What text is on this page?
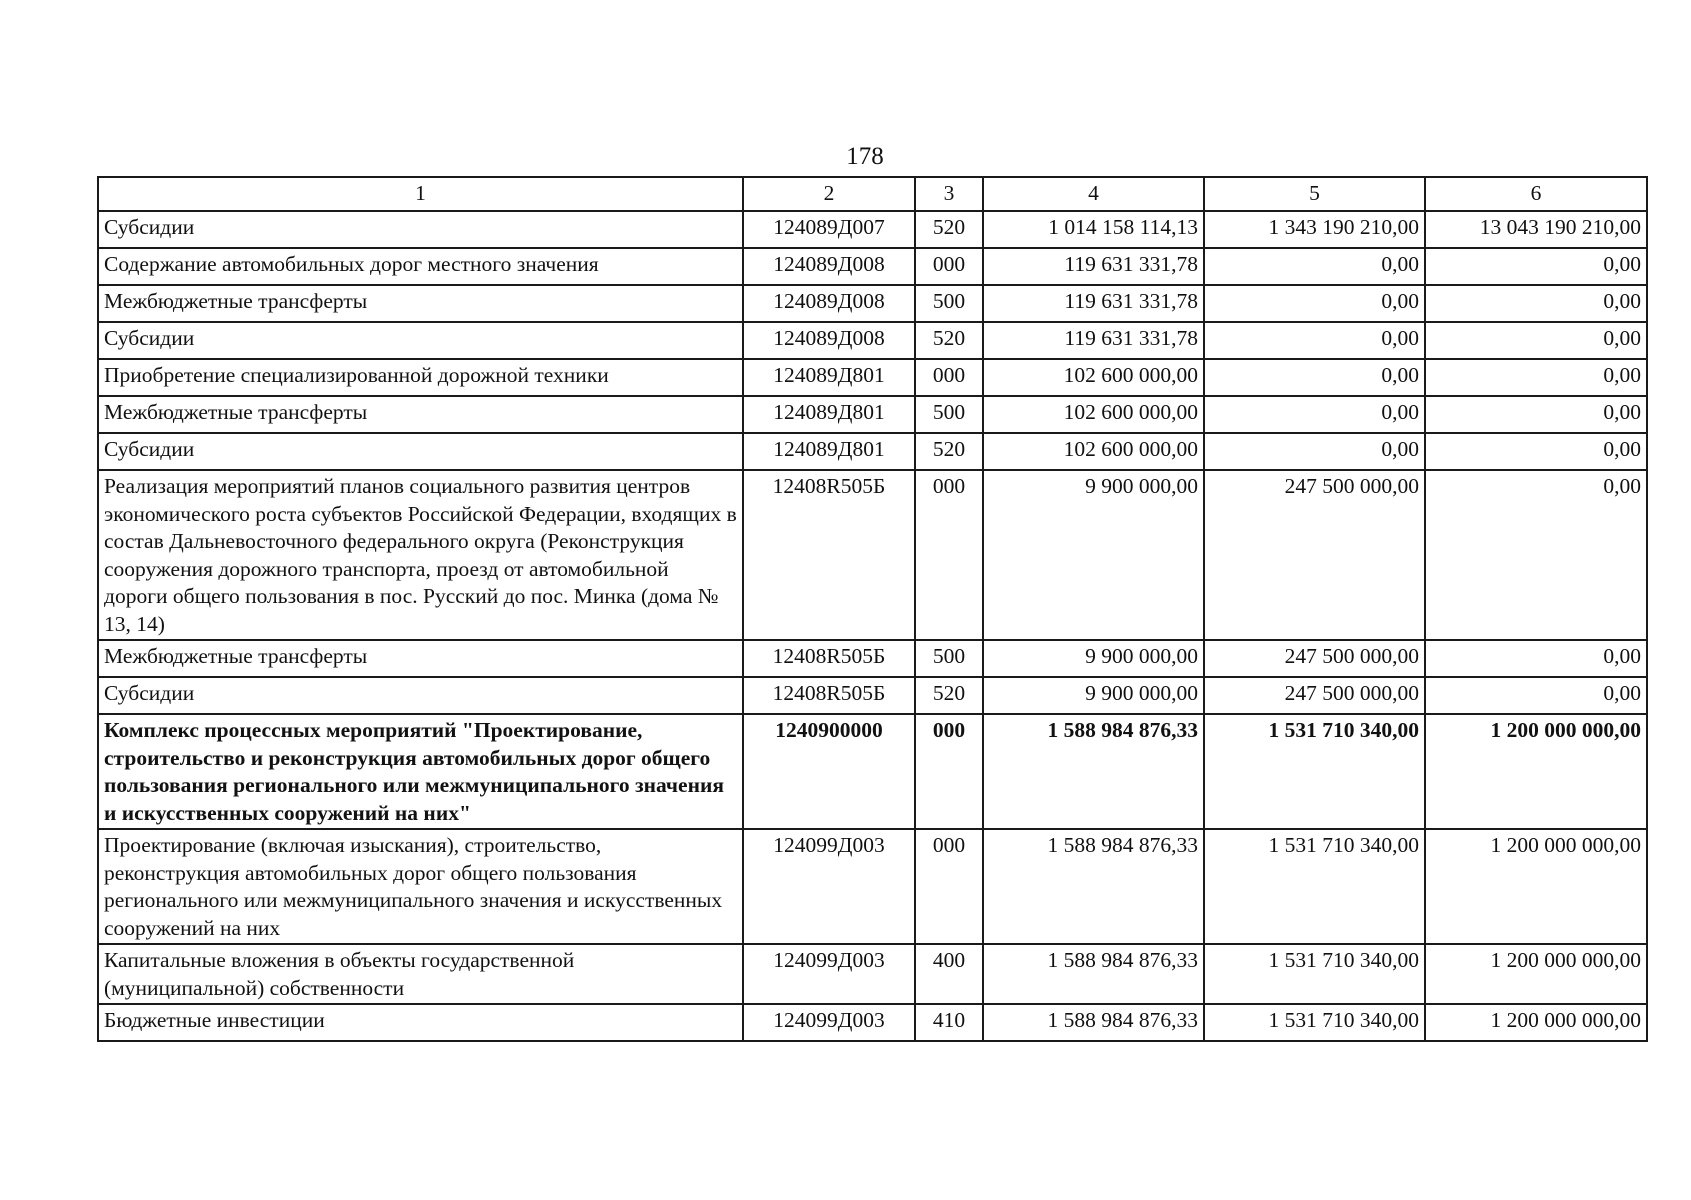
178
1	2	3	4	5	6
Субсидии	124089Д007	520	1 014 158 114,13	1 343 190 210,00	13 043 190 210,00
Содержание автомобильных дорог местного значения	124089Д008	000	119 631 331,78	0,00	0,00
Межбюджетные трансферты	124089Д008	500	119 631 331,78	0,00	0,00
Субсидии	124089Д008	520	119 631 331,78	0,00	0,00
Приобретение специализированной дорожной техники	124089Д801	000	102 600 000,00	0,00	0,00
Межбюджетные трансферты	124089Д801	500	102 600 000,00	0,00	0,00
Субсидии	124089Д801	520	102 600 000,00	0,00	0,00
Реализация мероприятий планов социального развития центров экономического роста субъектов Российской Федерации, входящих в состав Дальневосточного федерального округа (Реконструкция сооружения дорожного транспорта, проезд от автомобильной дороги общего пользования в пос. Русский до пос. Минка (дома № 13, 14)	12408R505Б	000	9 900 000,00	247 500 000,00	0,00
Межбюджетные трансферты	12408R505Б	500	9 900 000,00	247 500 000,00	0,00
Субсидии	12408R505Б	520	9 900 000,00	247 500 000,00	0,00
Комплекс процессных мероприятий "Проектирование, строительство и реконструкция автомобильных дорог общего пользования регионального или межмуниципального значения и искусственных сооружений на них"	1240900000	000	1 588 984 876,33	1 531 710 340,00	1 200 000 000,00
Проектирование (включая изыскания), строительство, реконструкция автомобильных дорог общего пользования регионального или межмуниципального значения и искусственных сооружений на них	124099Д003	000	1 588 984 876,33	1 531 710 340,00	1 200 000 000,00
Капитальные вложения в объекты государственной (муниципальной) собственности	124099Д003	400	1 588 984 876,33	1 531 710 340,00	1 200 000 000,00
Бюджетные инвестиции	124099Д003	410	1 588 984 876,33	1 531 710 340,00	1 200 000 000,00
